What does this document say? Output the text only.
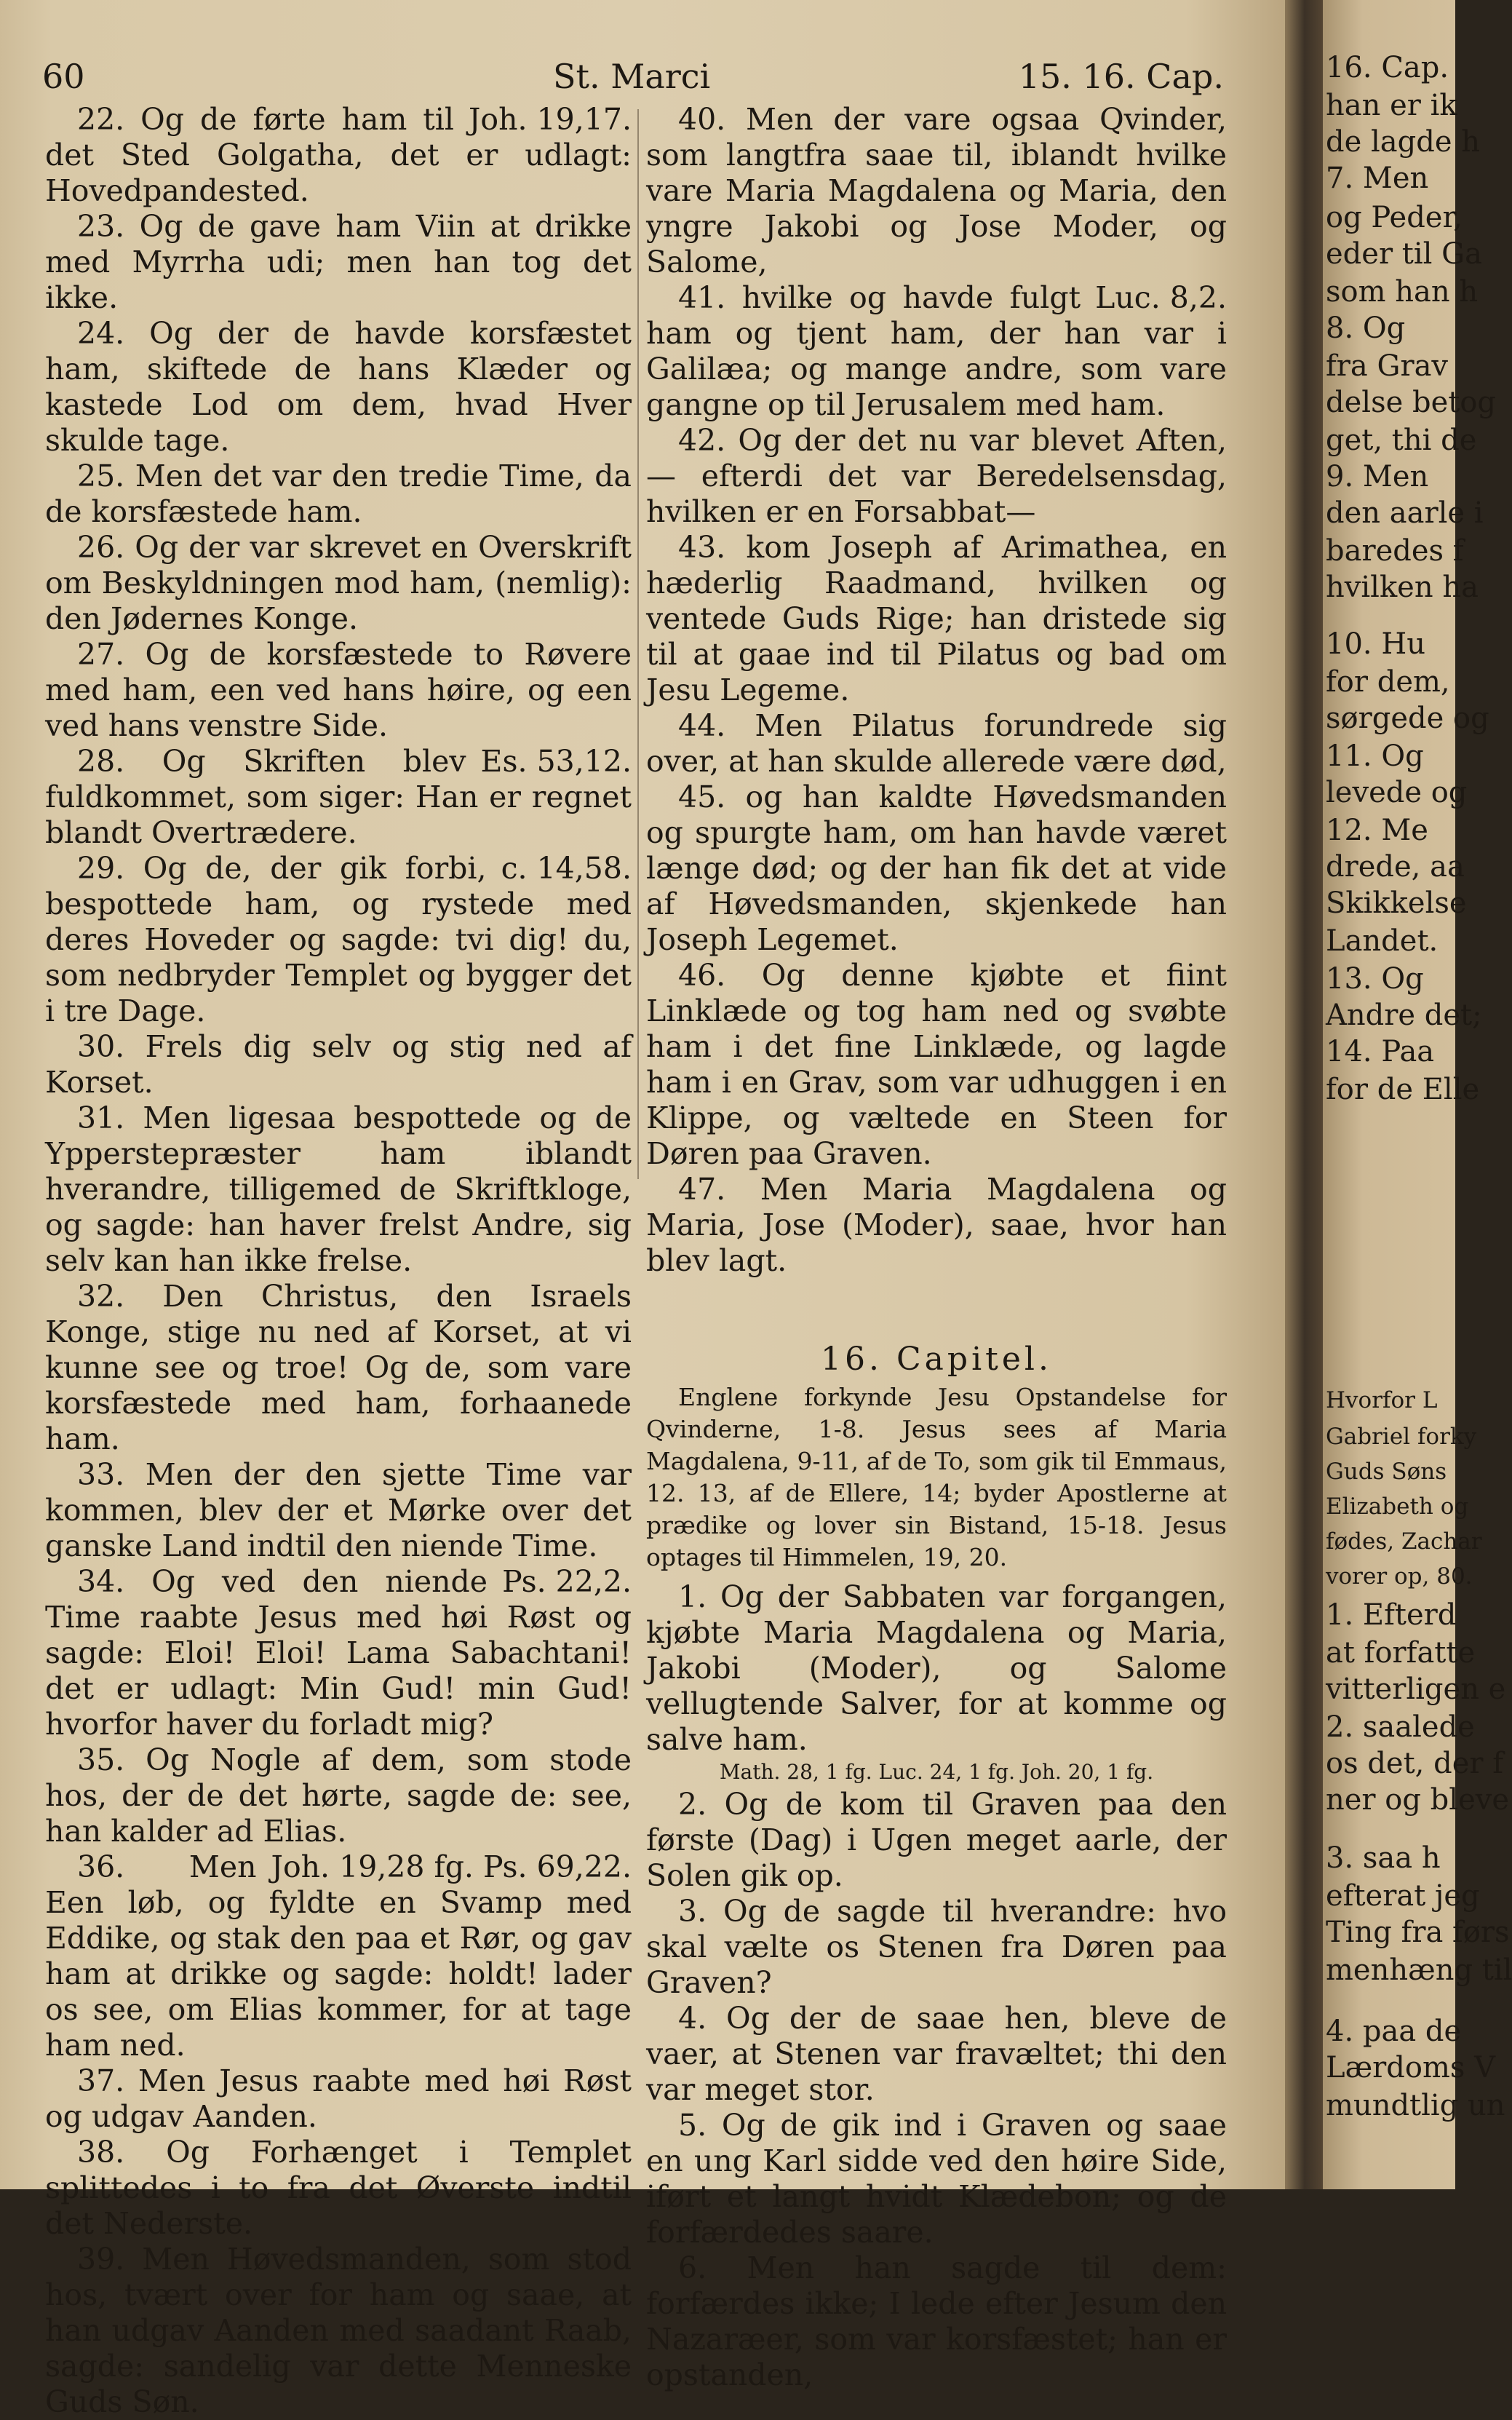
60	St. Marci	15. 16. Cap.

Joh. 19,17.
22. Og de førte ham til det Sted Golgatha, det er udlagt: Hovedpandested.

23. Og de gave ham Viin at drikke med Myrrha udi; men han tog det ikke.

24. Og der de havde korsfæstet ham, skiftede de hans Klæder og kastede Lod om dem, hvad Hver skulde tage.

25. Men det var den tredie Time, da de korsfæstede ham.

26. Og der var skrevet en Overskrift om Beskyldningen mod ham, (nemlig): den Jødernes Konge.

27. Og de korsfæstede to Røvere med ham, een ved hans høire, og een ved hans venstre Side.

Es. 53,12.
28. Og Skriften blev fuldkommet, som siger: Han er regnet blandt Overtrædere.

c. 14,58.
29. Og de, der gik forbi, bespottede ham, og rystede med deres Hoveder og sagde: tvi dig! du, som nedbryder Templet og bygger det i tre Dage.

30. Frels dig selv og stig ned af Korset.

31. Men ligesaa bespottede og de Ypperstepræster ham iblandt hverandre, tilligemed de Skriftkloge, og sagde: han haver frelst Andre, sig selv kan han ikke frelse.

32. Den Christus, den Israels Konge, stige nu ned af Korset, at vi kunne see og troe! Og de, som vare korsfæstede med ham, forhaanede ham.

33. Men der den sjette Time var kommen, blev der et Mørke over det ganske Land indtil den niende Time.

Ps. 22,2.
34. Og ved den niende Time raabte Jesus med høi Røst og sagde: Eloi! Eloi! Lama Sabachtani! det er udlagt: Min Gud! min Gud! hvorfor haver du forladt mig?

35. Og Nogle af dem, som stode hos, der de det hørte, sagde de: see, han kalder ad Elias.

Joh. 19,28 fg. Ps. 69,22.
36. Men Een løb, og fyldte en Svamp med Eddike, og stak den paa et Rør, og gav ham at drikke og sagde: holdt! lader os see, om Elias kommer, for at tage ham ned.

37. Men Jesus raabte med høi Røst og udgav Aanden.

38. Og Forhænget i Templet splittedes i to fra det Øverste indtil det Nederste.

39. Men Høvedsmanden, som stod hos, tvært over for ham og saae, at han udgav Aanden med saadant Raab, sagde: sandelig var dette Menneske Guds Søn.

40. Men der vare ogsaa Qvinder, som langtfra saae til, iblandt hvilke vare Maria Magdalena og Maria, den yngre Jakobi og Jose Moder, og Salome,

Luc. 8,2.
41. hvilke og havde fulgt ham og tjent ham, der han var i Galilæa; og mange andre, som vare gangne op til Jerusalem med ham.

42. Og der det nu var blevet Aften,— efterdi det var Beredelsensdag, hvilken er en Forsabbat—

43. kom Joseph af Arimathea, en hæderlig Raadmand, hvilken og ventede Guds Rige; han dristede sig til at gaae ind til Pilatus og bad om Jesu Legeme.

44. Men Pilatus forundrede sig over, at han skulde allerede være død,

45. og han kaldte Høvedsmanden og spurgte ham, om han havde været længe død; og der han fik det at vide af Høvedsmanden, skjenkede han Joseph Legemet.

46. Og denne kjøbte et fiint Linklæde og tog ham ned og svøbte ham i det fine Linklæde, og lagde ham i en Grav, som var udhuggen i en Klippe, og væltede en Steen for Døren paa Graven.

47. Men Maria Magdalena og Maria, Jose (Moder), saae, hvor han blev lagt.

16. Capitel.

Englene forkynde Jesu Opstandelse for Qvinderne, 1-8. Jesus sees af Maria Magdalena, 9-11, af de To, som gik til Emmaus, 12. 13, af de Ellere, 14; byder Apostlerne at prædike og lover sin Bistand, 15-18. Jesus optages til Himmelen, 19, 20.

1. Og der Sabbaten var forgangen, kjøbte Maria Magdalena og Maria, Jakobi (Moder), og Salome vellugtende Salver, for at komme og salve ham.

Math. 28, 1 fg. Luc. 24, 1 fg. Joh. 20, 1 fg.

2. Og de kom til Graven paa den første (Dag) i Ugen meget aarle, der Solen gik op.

3. Og de sagde til hverandre: hvo skal vælte os Stenen fra Døren paa Graven?

4. Og der de saae hen, bleve de vaer, at Stenen var fravæltet; thi den var meget stor.

5. Og de gik ind i Graven og saae en ung Karl sidde ved den høire Side, iført et langt hvidt Klædebon; og de forfærdedes saare.

6. Men han sagde til dem: forfærdes ikke; I lede efter Jesum den Nazaræer, som var korsfæstet; han er opstanden,

16. Cap.
han er ik
de lagde h
7. Men
og Peder,
eder til Ga
som han h
8. Og
fra Grav
delse betog
get, thi de
9. Men
den aarle i
baredes f
hvilken ha
10. Hu
for dem,
sørgede og
11. Og
levede og
12. Me
drede, aa
Skikkelse
Landet.
13. Og
Andre det;
14. Paa
for de Elle
Hvorfor L
Gabriel forky
Guds Søns
Elizabeth og
fødes, Zachar
vorer op, 80.
1. Efterd
at forfatte
vitterligen e
2. saalede
os det, der f
ner og bleve
3. saa h
efterat jeg
Ting fra førs
menhæng til
4. paa de
Lærdoms V
mundtlig un
